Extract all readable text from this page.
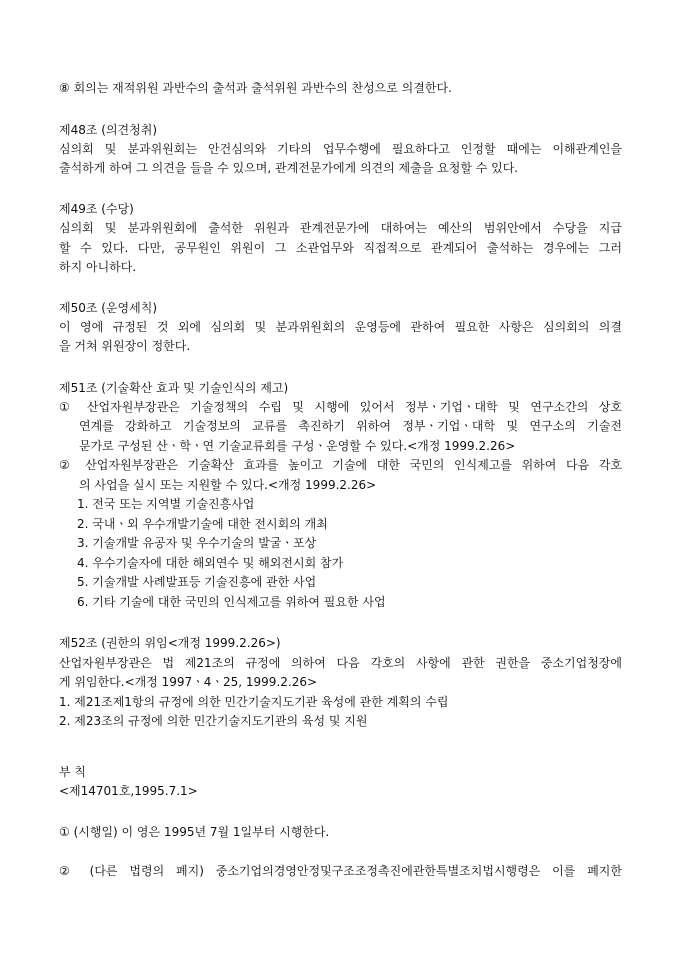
⑧ 회의는 재적위원 과반수의 출석과 출석위원 과반수의 찬성으로 의결한다.
제48조 (의견청취)
심의회 및 분과위원회는 안건심의와 기타의 업무수행에 필요하다고 인정할 때에는 이해관계인을
출석하게 하여 그 의견을 들을 수 있으며, 관계전문가에게 의견의 제출을 요청할 수 있다.
제49조 (수당)
심의회 및 분과위원회에 출석한 위원과 관계전문가에 대하여는 예산의 범위안에서 수당을 지급
할 수 있다. 다만, 공무원인 위원이 그 소관업무와 직접적으로 관계되어 출석하는 경우에는 그러
하지 아니하다.
제50조 (운영세칙)
이 영에 규정된 것 외에 심의회 및 분과위원회의 운영등에 관하여 필요한 사항은 심의회의 의결
을 거쳐 위원장이 정한다.
제51조 (기술확산 효과 및 기술인식의 제고)
① 산업자원부장관은 기술정책의 수립 및 시행에 있어서 정부ㆍ기업ㆍ대학 및 연구소간의 상호
연계를 강화하고 기술정보의 교류를 촉진하기 위하여 정부ㆍ기업ㆍ대학 및 연구소의 기술전
문가로 구성된 산ㆍ학ㆍ연 기술교류회를 구성ㆍ운영할 수 있다.<개정 1999.2.26>
② 산업자원부장관은 기술확산 효과를 높이고 기술에 대한 국민의 인식제고를 위하여 다음 각호
의 사업을 실시 또는 지원할 수 있다.<개정 1999.2.26>
1. 전국 또는 지역별 기술진흥사업
2. 국내ㆍ외 우수개발기술에 대한 전시회의 개최
3. 기술개발 유공자 및 우수기술의 발굴ㆍ포상
4. 우수기술자에 대한 해외연수 및 해외전시회 참가
5. 기술개발 사례발표등 기술진흥에 관한 사업
6. 기타 기술에 대한 국민의 인식제고를 위하여 필요한 사업
제52조 (권한의 위임<개정 1999.2.26>)
산업자원부장관은 법 제21조의 규정에 의하여 다음 각호의 사항에 관한 권한을 중소기업청장에
게 위임한다.<개정 1997ㆍ4ㆍ25, 1999.2.26>
1. 제21조제1항의 규정에 의한 민간기술지도기관 육성에 관한 계획의 수립
2. 제23조의 규정에 의한 민간기술지도기관의 육성 및 지원
부 칙
<제14701호,1995.7.1>
① (시행일) 이 영은 1995년 7월 1일부터 시행한다.
② (다른 법령의 폐지) 중소기업의경영안정및구조조정촉진에관한특별조치법시행령은 이를 폐지한
